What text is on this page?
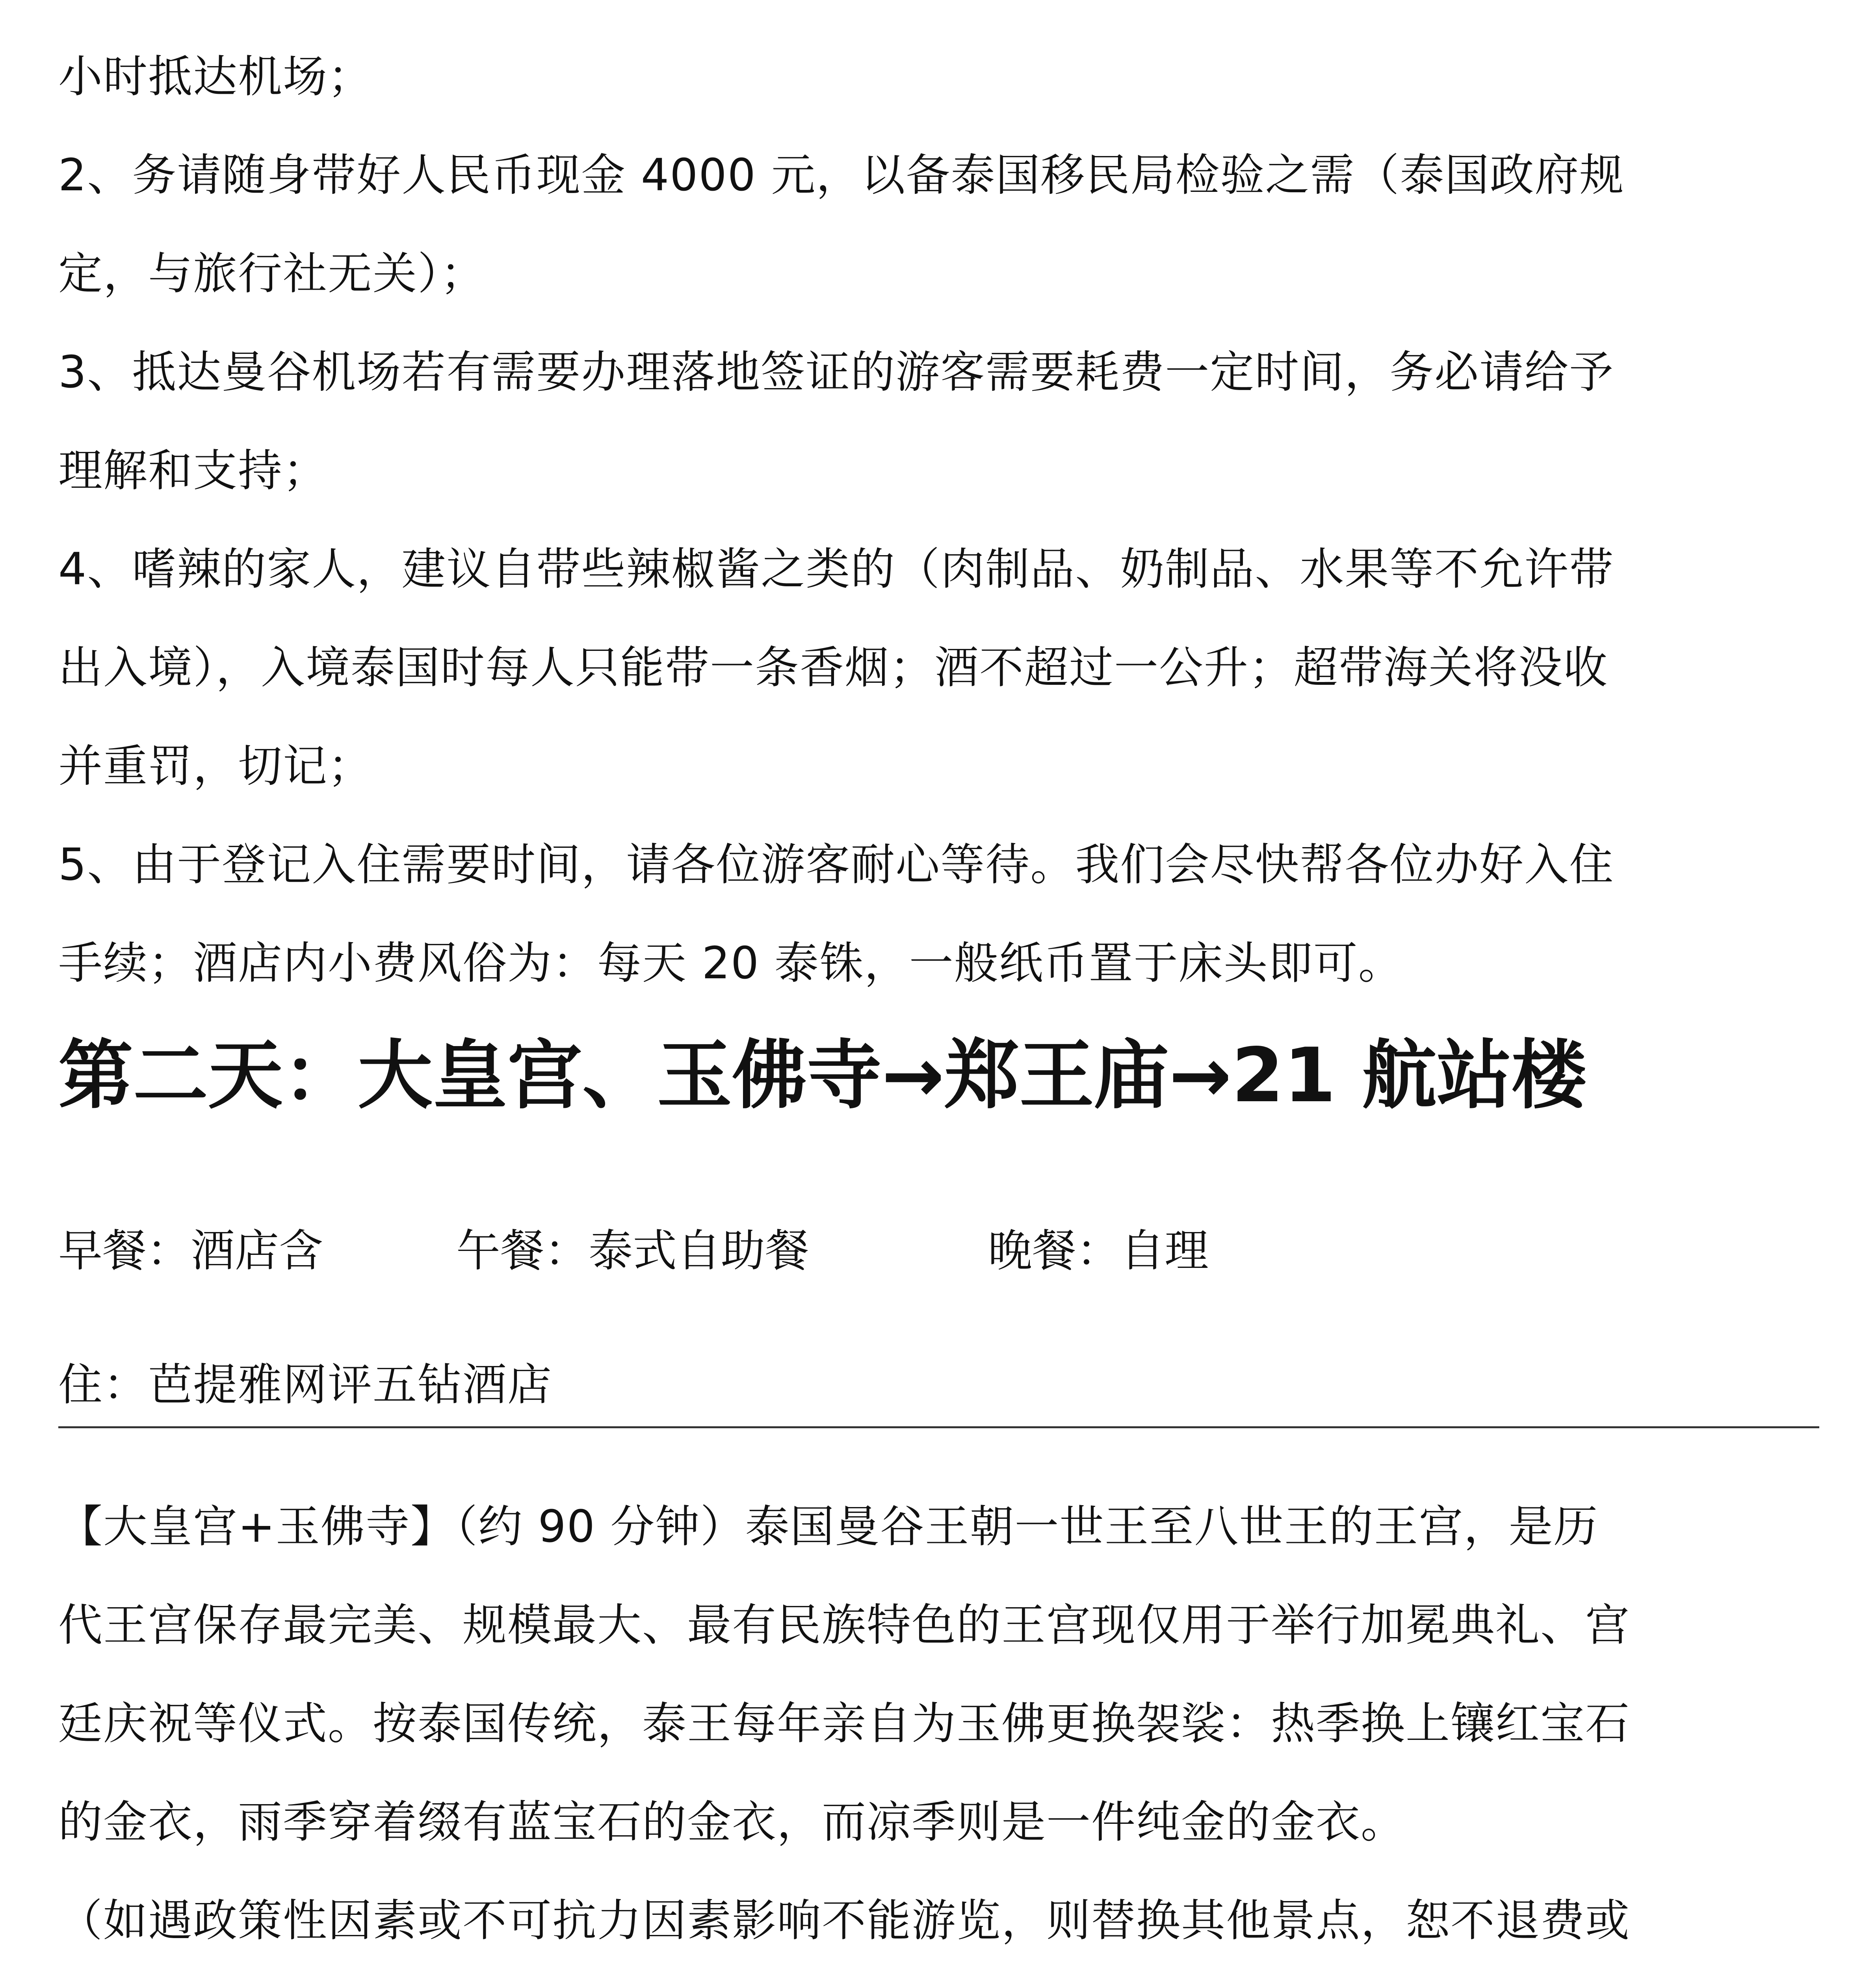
小时抵达机场；
2、务请随身带好人民币现金 4000 元，以备泰国移民局检验之需（泰国政府规
定，与旅行社无关）；
3、抵达曼谷机场若有需要办理落地签证的游客需要耗费一定时间，务必请给予
理解和支持；
4、嗜辣的家人，建议自带些辣椒酱之类的（肉制品、奶制品、水果等不允许带
出入境），入境泰国时每人只能带一条香烟；酒不超过一公升；超带海关将没收
并重罚，切记；
5、由于登记入住需要时间，请各位游客耐心等待。我们会尽快帮各位办好入住
手续；酒店内小费风俗为：每天 20 泰铢，一般纸币置于床头即可。
第二天：大皇宫、玉佛寺→郑王庙→21 航站楼
早餐：酒店含	午餐：泰式自助餐	晚餐：自理
住：芭提雅网评五钻酒店
【大皇宫+玉佛寺】（约 90 分钟）泰国曼谷王朝一世王至八世王的王宫，是历
代王宫保存最完美、规模最大、最有民族特色的王宫现仅用于举行加冕典礼、宫
廷庆祝等仪式。按泰国传统，泰王每年亲自为玉佛更换袈裟：热季换上镶红宝石
的金衣，雨季穿着缀有蓝宝石的金衣，而凉季则是一件纯金的金衣。
（如遇政策性因素或不可抗力因素影响不能游览，则替换其他景点，恕不退费或
